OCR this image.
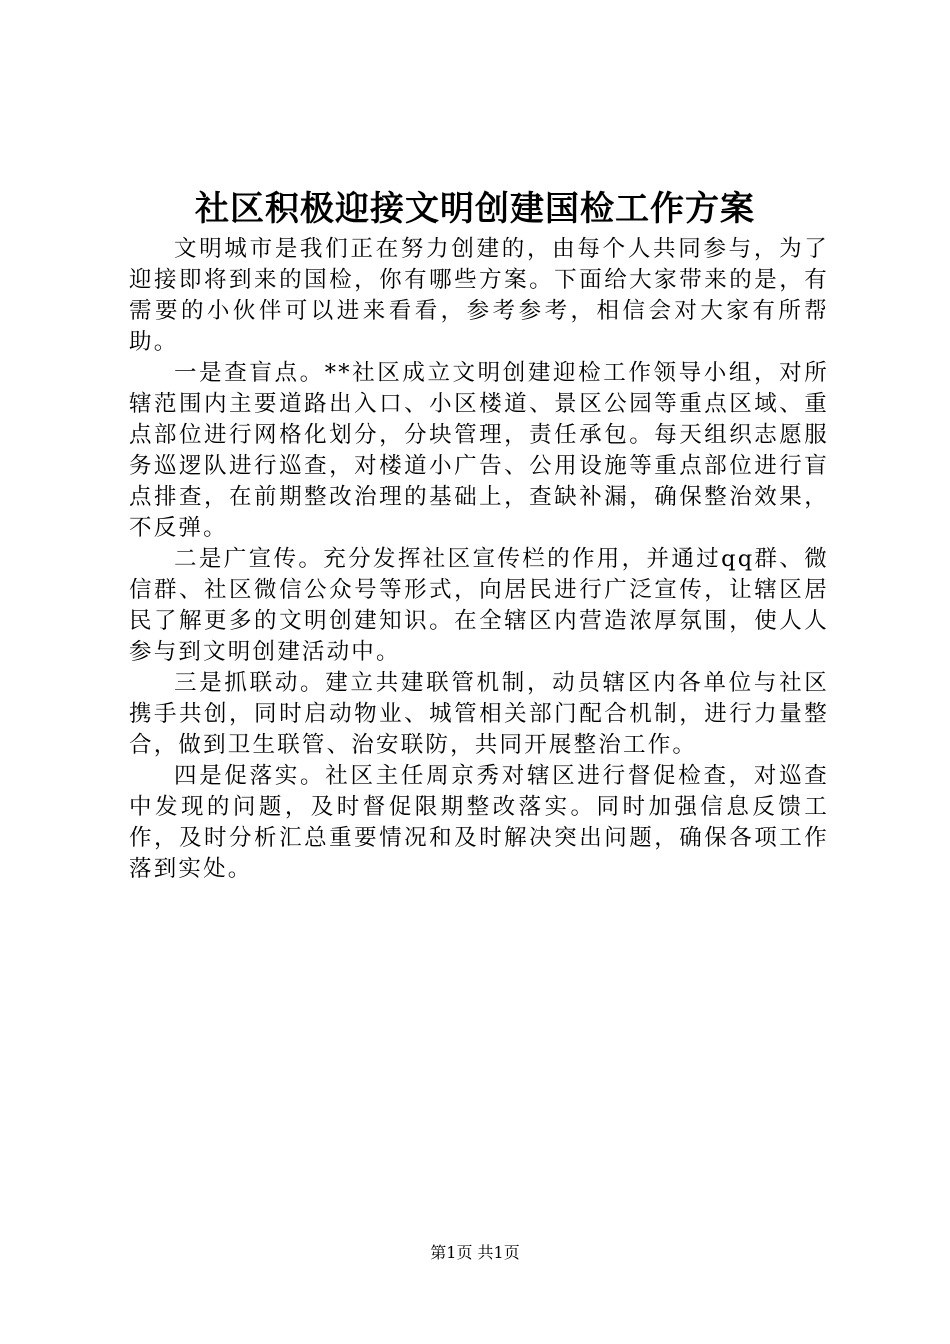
社区积极迎接文明创建国检工作方案

文明城市是我们正在努力创建的，由每个人共同参与，为了迎接即将到来的国检，你有哪些方案。下面给大家带来的是，有需要的小伙伴可以进来看看，参考参考，相信会对大家有所帮助。

一是查盲点。**社区成立文明创建迎检工作领导小组，对所辖范围内主要道路出入口、小区楼道、景区公园等重点区域、重点部位进行网格化划分，分块管理，责任承包。每天组织志愿服务巡逻队进行巡查，对楼道小广告、公用设施等重点部位进行盲点排查，在前期整改治理的基础上，查缺补漏，确保整治效果，不反弹。

二是广宣传。充分发挥社区宣传栏的作用，并通过qq群、微信群、社区微信公众号等形式，向居民进行广泛宣传，让辖区居民了解更多的文明创建知识。在全辖区内营造浓厚氛围，使人人参与到文明创建活动中。

三是抓联动。建立共建联管机制，动员辖区内各单位与社区携手共创，同时启动物业、城管相关部门配合机制，进行力量整合，做到卫生联管、治安联防，共同开展整治工作。

四是促落实。社区主任周京秀对辖区进行督促检查，对巡查中发现的问题，及时督促限期整改落实。同时加强信息反馈工作，及时分析汇总重要情况和及时解决突出问题，确保各项工作落到实处。

第1页 共1页
